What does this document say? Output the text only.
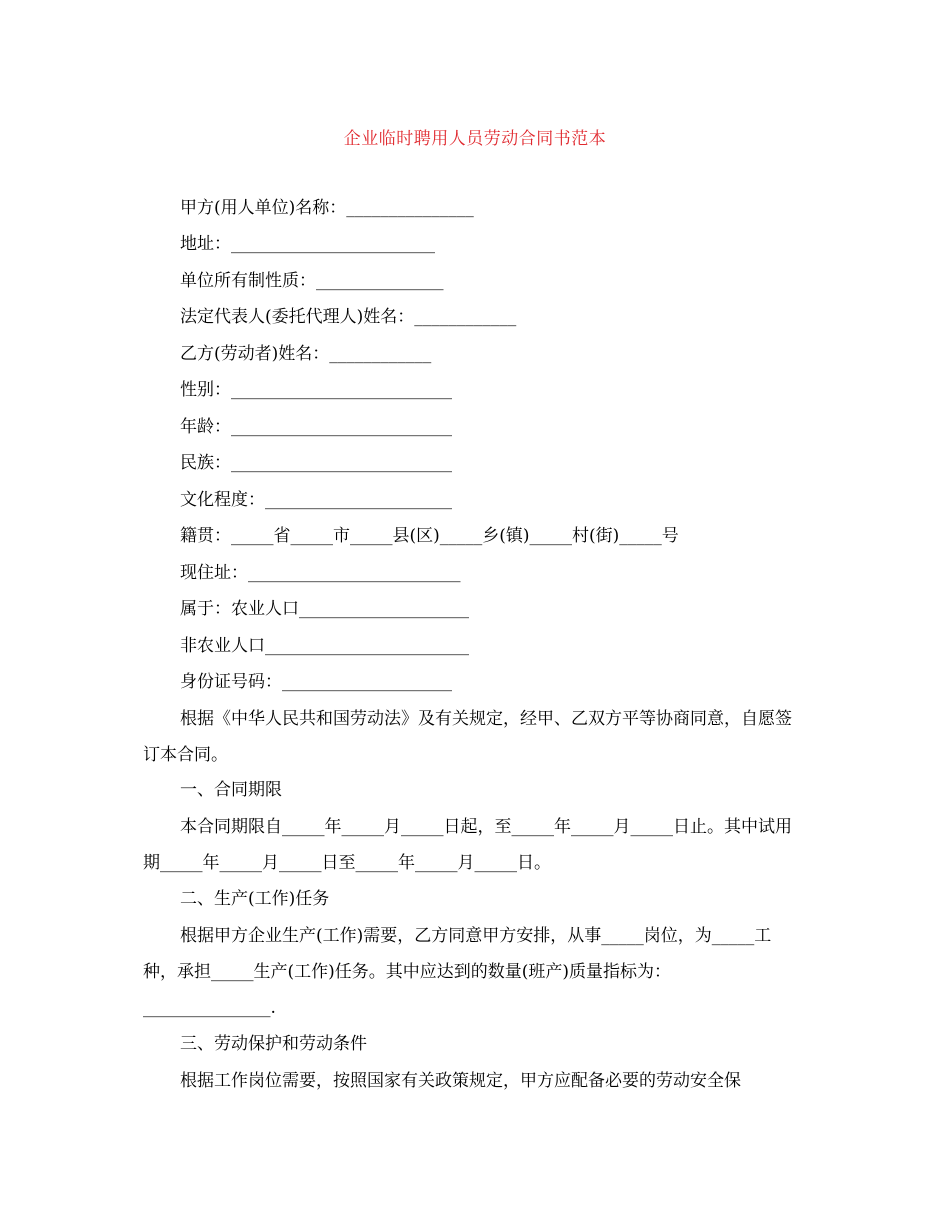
企业临时聘用人员劳动合同书范本
甲方(用人单位)名称：_______________
地址：________________________
单位所有制性质：_______________
法定代表人(委托代理人)姓名：____________
乙方(劳动者)姓名：____________
性别：__________________________
年龄：__________________________
民族：__________________________
文化程度：______________________
籍贯：_____省_____市_____县(区)_____乡(镇)_____村(街)_____号
现住址：_________________________
属于：农业人口____________________
非农业人口________________________
身份证号码：____________________
根据《中华人民共和国劳动法》及有关规定，经甲、乙双方平等协商同意，自愿签订本合同。
一、合同期限
本合同期限自_____年_____月_____日起，至_____年_____月_____日止。其中试用期_____年_____月_____日至_____年_____月_____日。
二、生产(工作)任务
根据甲方企业生产(工作)需要，乙方同意甲方安排，从事_____岗位，为_____工种，承担_____生产(工作)任务。其中应达到的数量(班产)质量指标为：_______________.
三、劳动保护和劳动条件
根据工作岗位需要，按照国家有关政策规定，甲方应配备必要的劳动安全保
